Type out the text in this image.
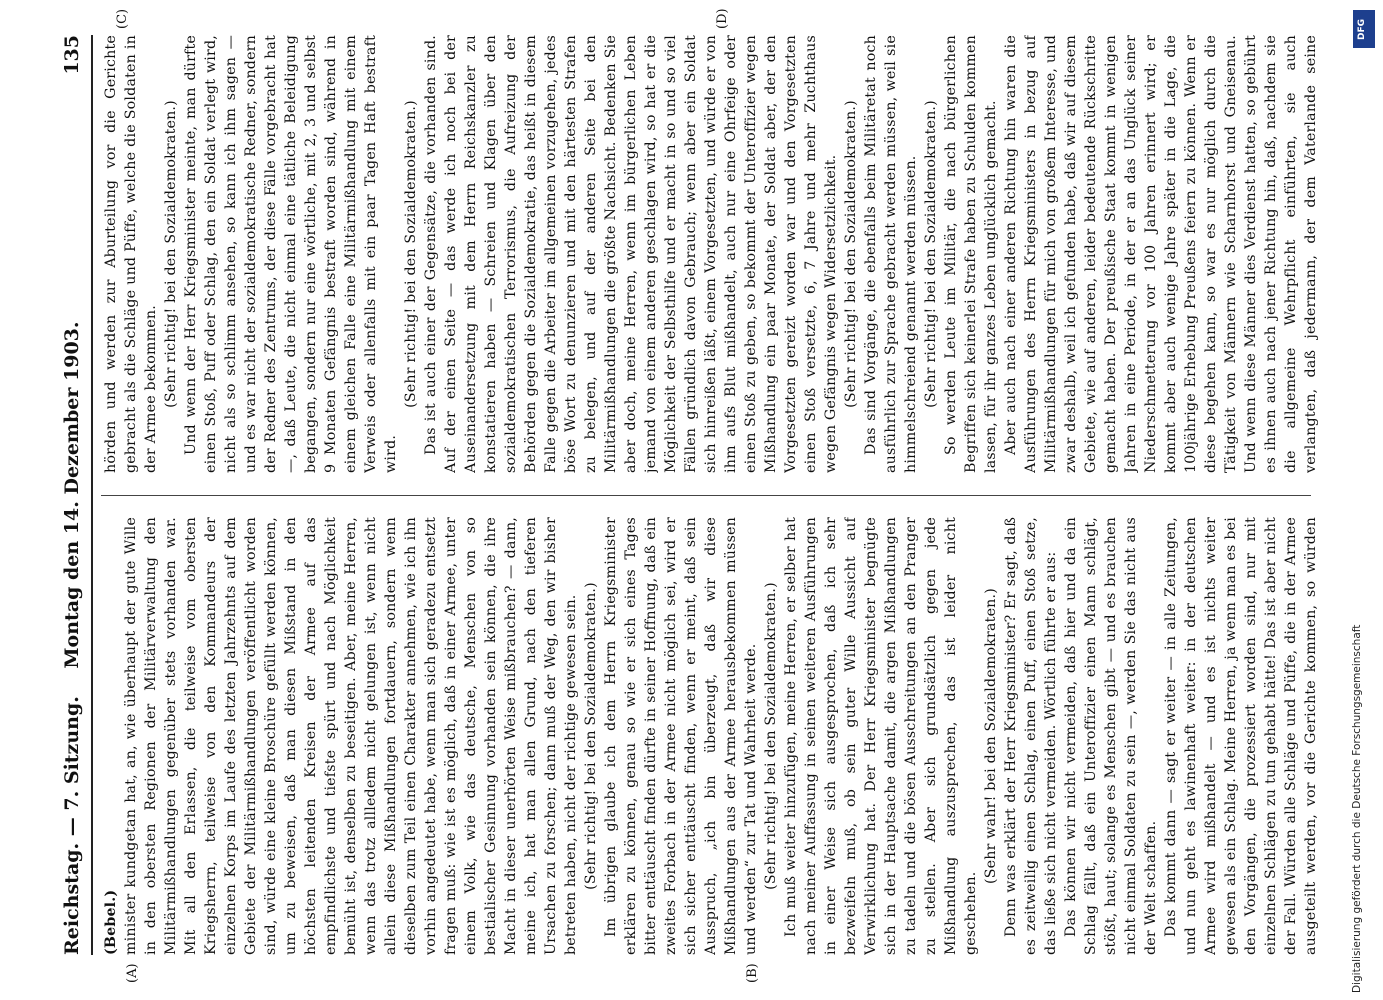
Reichstag. — 7. Sitzung.
Montag den 14. Dezember 1903.
135

(Bebel.) minister kundgetan hat, an, wie überhaupt der gute Wille in den obersten Regionen der Militärverwaltung den Militärmißhandlungen gegenüber stets vorhanden war. Mit all den Erlassen, die teilweise vom obersten Kriegsherrn, teilweise von den Kommandeurs der einzelnen Korps im Laufe des letzten Jahrzehnts auf dem Gebiete der Militärmißhandlungen veröffentlicht worden sind, würde eine kleine Broschüre gefüllt werden können, um zu beweisen, daß man diesen Mißstand in den höchsten leitenden Kreisen der Armee auf das empfindlichste und tiefste spürt und nach Möglichkeit bemüht ist, denselben zu beseitigen. Aber, meine Herren, wenn das trotz allledem nicht gelungen ist, wenn nicht allein diese Mißhandlungen fortdauern, sondern wenn dieselben zum Teil einen Charakter annehmen, wie ich ihn vorhin angedeutet habe, wenn man sich geradezu entsetzt fragen muß: wie ist es möglich, daß in einer Armee, unter einem Volk, wie das deutsche, Menschen von so bestialischer Gesinnung vorhanden sein können, die ihre Macht in dieser unerhörten Weise mißbrauchen? — dann, meine ich, hat man allen Grund, nach den tieferen Ursachen zu forschen; dann muß der Weg, den wir bisher betreten haben, nicht der richtige gewesen sein. (Sehr richtig! bei den Sozialdemokraten.) Im übrigen glaube ich dem Herrn Kriegsminister erklären zu können, genau so wie er sich eines Tages bitter enttäuscht finden dürfte in seiner Hoffnung, daß ein zweites Forbach in der Armee nicht möglich sei, wird er sich sicher enttäuscht finden, wenn er meint, daß sein Ausspruch, „ich bin überzeugt, daß wir diese Mißhandlungen aus der Armee herausbekommen müssen und werden“ zur Tat und Wahrheit werde. (Sehr richtig! bei den Sozialdemokraten.) Ich muß weiter hinzufügen, meine Herren, er selber hat nach meiner Auffassung in seinen weiteren Ausführungen in einer Weise sich ausgesprochen, daß ich sehr bezweifeln muß, ob sein guter Wille Aussicht auf Verwirklichung hat. Der Herr Kriegsminister begnügte sich in der Hauptsache damit, die argen Mißhandlungen zu tadeln und die bösen Ausschreitungen an den Pranger zu stellen. Aber sich grundsätzlich gegen jede Mißhandlung auszusprechen, das ist leider nicht geschehen.

(Sehr wahr! bei den Sozialdemokraten.) Denn was erklärt der Herr Kriegsminister? Er sagt, daß es zeitweilig einen Schlag, einen Puff, einen Stoß setze, das ließe sich nicht vermeiden. Wörtlich führte er aus: Das können wir nicht vermeiden, daß hier und da ein Schlag fällt, daß ein Unteroffizier einen Mann schlägt, stößt, haut; solange es Menschen gibt — und es brauchen nicht einmal Soldaten zu sein —, werden Sie das nicht aus der Welt schaffen. Das kommt dann — sagt er weiter — in alle Zeitungen, und nun geht es lawinenhaft weiter: in der deutschen Armee wird mißhandelt — und es ist nichts weiter gewesen als ein Schlag. Meine Herren, ja wenn man es bei den Vorgängen, die prozessiert worden sind, nur mit einzelnen Schlägen zu tun gehabt hätte! Das ist aber nicht der Fall. Würden alle Schläge und Püffe, die in der Armee ausgeteilt werden, vor die Gerichte kommen, so würden

(A)	(B)

hörden und werden zur Aburteilung vor die Gerichte gebracht als die Schläge und Püffe, welche die Soldaten in der Armee bekommen. (Sehr richtig! bei den Sozialdemokraten.) Und wenn der Herr Kriegsminister meinte, man dürfte einen Stoß, Puff oder Schlag, den ein Soldat verlegt wird, nicht als so schlimm ansehen, so kann ich ihm sagen — und es war nicht der sozialdemokratische Redner, sondern der Redner des Zentrums, der diese Fälle vorgebracht hat —, daß Leute, die nicht einmal eine tätliche Beleidigung begangen, sondern nur eine wörtliche, mit 2, 3 und selbst 9 Monaten Gefängnis bestraft worden sind, während in einem gleichen Falle eine Militärmißhandlung mit einem Verweis oder allenfalls mit ein paar Tagen Haft bestraft wird.

(Sehr richtig! bei den Sozialdemokraten.) Das ist auch einer der Gegensätze, die vorhanden sind. Auf der einen Seite — das werde ich noch bei der Auseinandersetzung mit dem Herrn Reichskanzler zu konstatieren haben — Schreien und Klagen über den sozialdemokratischen Terrorismus, die Aufreizung der Behörden gegen die Sozialdemokratie, das heißt in diesem Falle gegen die Arbeiter im allgemeinen vorzugehen, jedes böse Wort zu denunzieren und mit den härtesten Strafen zu belegen, und auf der anderen Seite bei den Militärmißhandlungen die größte Nachsicht. Bedenken Sie aber doch, meine Herren, wenn im bürgerlichen Leben jemand von einem anderen geschlagen wird, so hat er die Möglichkeit der Selbsthilfe und er macht in so und so viel Fällen gründlich davon Gebrauch; wenn aber ein Soldat sich hinreißen läßt, einem Vorgesetzten, und würde er von ihm aufs Blut mißhandelt, auch nur eine Ohrfeige oder einen Stoß zu geben, so bekommt der Unteroffizier wegen Mißhandlung ein paar Monate, der Soldat aber, der den Vorgesetzten gereizt worden war und den Vorgesetzten einen Stoß versetzte, 6, 7 Jahre und mehr Zuchthaus wegen Gefängnis wegen Widersetzlichkeit. (Sehr richtig! bei den Sozialdemokraten.) Das sind Vorgänge, die ebenfalls beim Militäretat noch ausführlich zur Sprache gebracht werden müssen, weil sie himmelschreiend genannt werden müssen. (Sehr richtig! bei den Sozialdemokraten.) So werden Leute im Militär, die nach bürgerlichen Begriffen sich keinerlei Strafe haben zu Schulden kommen lassen, für ihr ganzes Leben unglücklich gemacht. Aber auch nach einer anderen Richtung hin waren die Ausführungen des Herrn Kriegsministers in bezug auf Militärmißhandlungen für mich von großem Interesse, und zwar deshalb, weil ich gefunden habe, daß wir auf diesem Gebiete, wie auf anderen, leider bedeutende Rückschritte gemacht haben. Der preußische Staat kommt in wenigen Jahren in eine Periode, in der er an das Unglück seiner Niederschmetterung vor 100 Jahren erinnert wird; er kommt aber auch wenige Jahre später in die Lage, die 100jährige Erhebung Preußens feiern zu können. Wenn er diese begehen kann, so war es nur möglich durch die Tätigkeit von Männern wie Scharnhorst und Gneisenau. Und wenn diese Männer dies Verdienst hatten, so gebührt es ihnen auch nach jener Richtung hin, daß, nachdem sie die allgemeine Wehrpflicht einführten, sie auch verlangten, daß jedermann, der dem Vaterlande seine

(C)	(D)
DFG
Digitalisierung gefördert durch die Deutsche Forschungsgemeinschaft
